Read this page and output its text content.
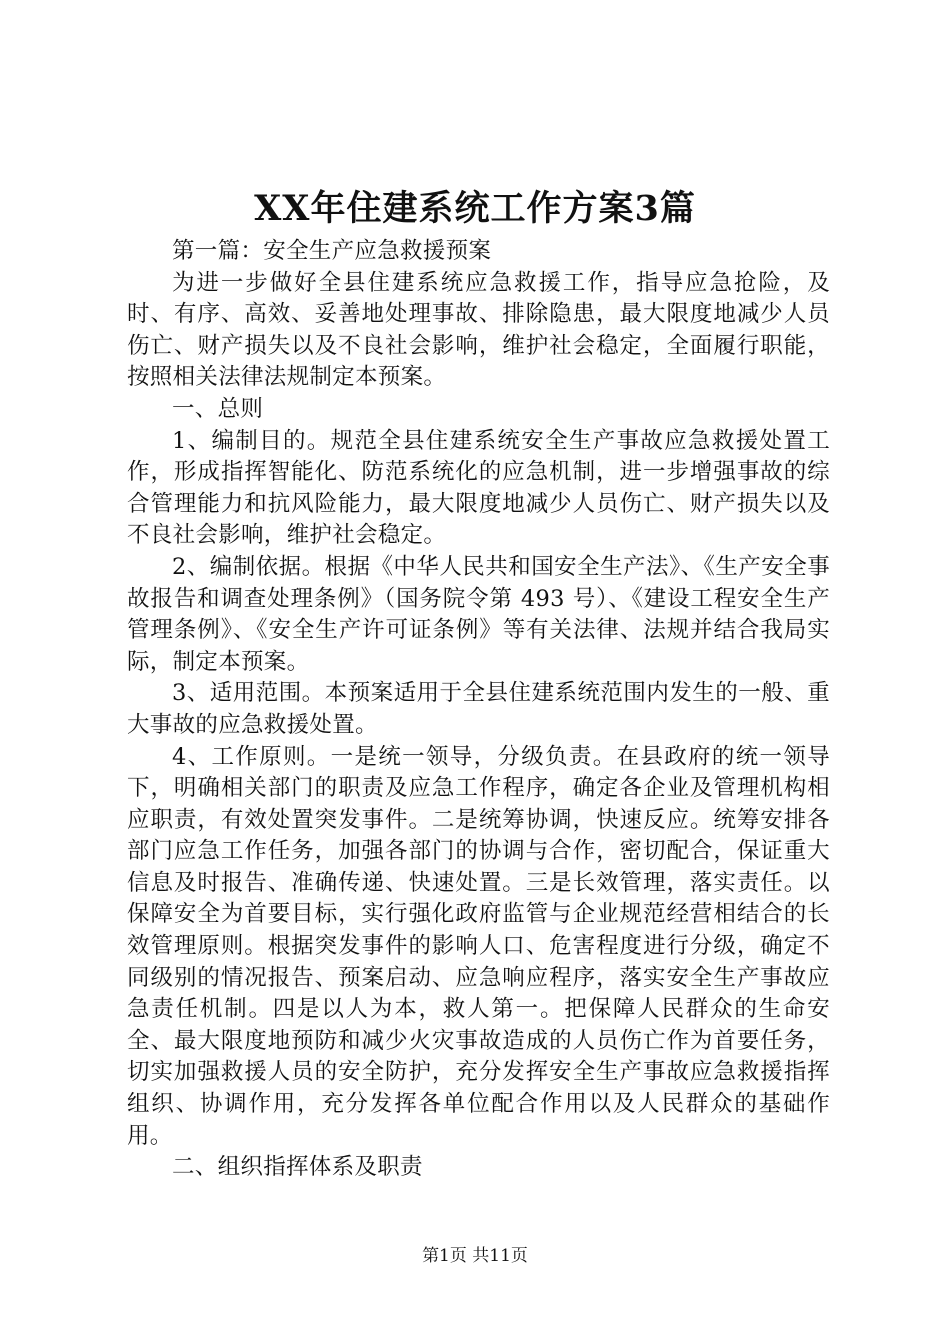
XX年住建系统工作方案3篇

第一篇：安全生产应急救援预案

为进一步做好全县住建系统应急救援工作，指导应急抢险，及时、有序、高效、妥善地处理事故、排除隐患，最大限度地减少人员伤亡、财产损失以及不良社会影响，维护社会稳定，全面履行职能，按照相关法律法规制定本预案。

一、总则

1、编制目的。规范全县住建系统安全生产事故应急救援处置工作，形成指挥智能化、防范系统化的应急机制，进一步增强事故的综合管理能力和抗风险能力，最大限度地减少人员伤亡、财产损失以及不良社会影响，维护社会稳定。

2、编制依据。根据《中华人民共和国安全生产法》、《生产安全事故报告和调查处理条例》（国务院令第 493 号）、《建设工程安全生产管理条例》、《安全生产许可证条例》等有关法律、法规并结合我局实际，制定本预案。

3、适用范围。本预案适用于全县住建系统范围内发生的一般、重大事故的应急救援处置。

4、工作原则。一是统一领导，分级负责。在县政府的统一领导下，明确相关部门的职责及应急工作程序，确定各企业及管理机构相应职责，有效处置突发事件。二是统筹协调，快速反应。统筹安排各部门应急工作任务，加强各部门的协调与合作，密切配合，保证重大信息及时报告、准确传递、快速处置。三是长效管理，落实责任。以保障安全为首要目标，实行强化政府监管与企业规范经营相结合的长效管理原则。根据突发事件的影响人口、危害程度进行分级，确定不同级别的情况报告、预案启动、应急响应程序，落实安全生产事故应急责任机制。四是以人为本，救人第一。把保障人民群众的生命安全、最大限度地预防和减少火灾事故造成的人员伤亡作为首要任务，切实加强救援人员的安全防护，充分发挥安全生产事故应急救援指挥组织、协调作用，充分发挥各单位配合作用以及人民群众的基础作用。

二、组织指挥体系及职责

第1页 共11页
